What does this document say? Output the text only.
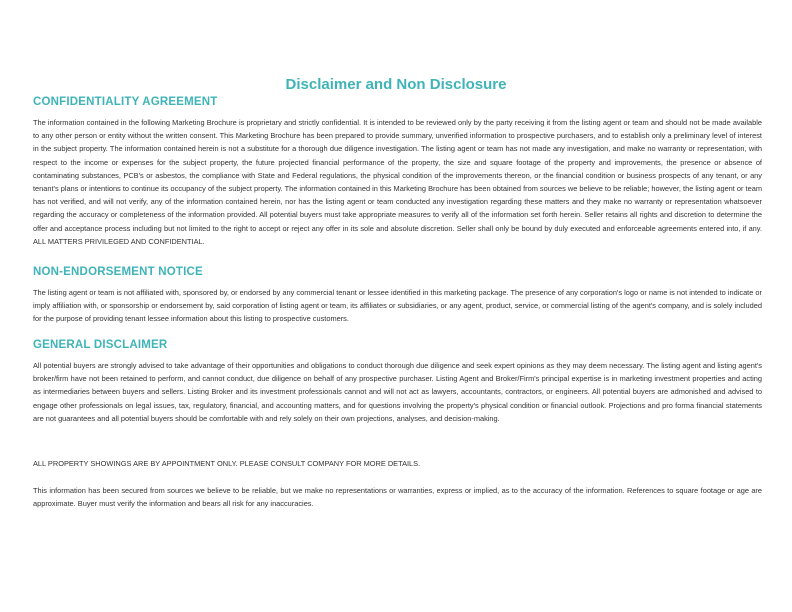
Disclaimer and Non Disclosure
CONFIDENTIALITY AGREEMENT
The information contained in the following Marketing Brochure is proprietary and strictly confidential. It is intended to be reviewed only by the party receiving it from the listing agent or team and should not be made available to any other person or entity without the written consent. This Marketing Brochure has been prepared to provide summary, unverified information to prospective purchasers, and to establish only a preliminary level of interest in the subject property. The information contained herein is not a substitute for a thorough due diligence investigation. The listing agent or team has not made any investigation, and make no warranty or representation, with respect to the income or expenses for the subject property, the future projected financial performance of the property, the size and square footage of the property and improvements, the presence or absence of contaminating substances, PCB's or asbestos, the compliance with State and Federal regulations, the physical condition of the improvements thereon, or the financial condition or business prospects of any tenant, or any tenant's plans or intentions to continue its occupancy of the subject property. The information contained in this Marketing Brochure has been obtained from sources we believe to be reliable; however, the listing agent or team has not verified, and will not verify, any of the information contained herein, nor has the listing agent or team conducted any investigation regarding these matters and they make no warranty or representation whatsoever regarding the accuracy or completeness of the information provided. All potential buyers must take appropriate measures to verify all of the information set forth herein. Seller retains all rights and discretion to determine the offer and acceptance process including but not limited to the right to accept or reject any offer in its sole and absolute discretion. Seller shall only be bound by duly executed and enforceable agreements entered into, if any. ALL MATTERS PRIVILEGED AND CONFIDENTIAL.
NON-ENDORSEMENT NOTICE
The listing agent or team is not affiliated with, sponsored by, or endorsed by any commercial tenant or lessee identified in this marketing package. The presence of any corporation's logo or name is not intended to indicate or imply affiliation with, or sponsorship or endorsement by, said corporation of listing agent or team, its affiliates or subsidiaries, or any agent, product, service, or commercial listing of the agent's company, and is solely included for the purpose of providing tenant lessee information about this listing to prospective customers.
GENERAL DISCLAIMER
All potential buyers are strongly advised to take advantage of their opportunities and obligations to conduct thorough due diligence and seek expert opinions as they may deem necessary. The listing agent and listing agent's broker/firm have not been retained to perform, and cannot conduct, due diligence on behalf of any prospective purchaser. Listing Agent and Broker/Firm's principal expertise is in marketing investment properties and acting as intermediaries between buyers and sellers. Listing Broker and its investment professionals cannot and will not act as lawyers, accountants, contractors, or engineers. All potential buyers are admonished and advised to engage other professionals on legal issues, tax, regulatory, financial, and accounting matters, and for questions involving the property's physical condition or financial outlook. Projections and pro forma financial statements are not guarantees and all potential buyers should be comfortable with and rely solely on their own projections, analyses, and decision-making.
ALL PROPERTY SHOWINGS ARE BY APPOINTMENT ONLY. PLEASE CONSULT COMPANY FOR MORE DETAILS.
This information has been secured from sources we believe to be reliable, but we make no representations or warranties, express or implied, as to the accuracy of the information. References to square footage or age are approximate. Buyer must verify the information and bears all risk for any inaccuracies.
